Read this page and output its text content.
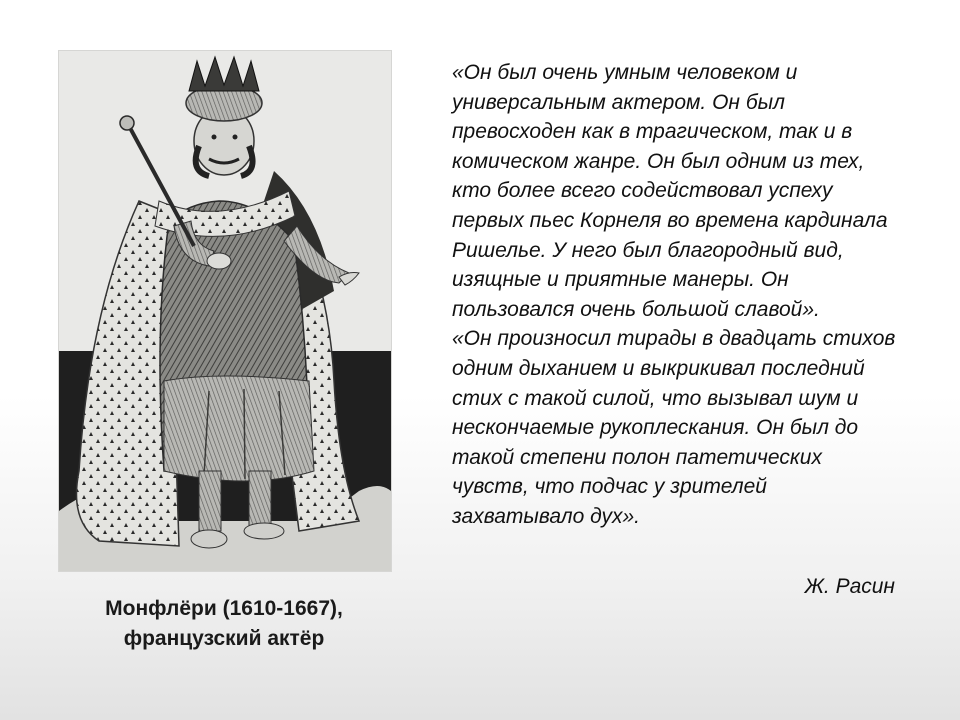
Монфлёри (1610-1667),
французский актёр

«Он был очень умным человеком и универсальным актером. Он был превосходен как в трагическом, так и в комическом жанре. Он был одним из тех, кто более всего содействовал успеху первых пьес Корнеля во времена кардинала Ришелье. У него был благородный вид, изящные и приятные манеры. Он пользовался очень большой славой».

«Он произносил тирады в двадцать стихов одним дыханием и выкрикивал последний стих с такой силой, что вызывал шум и нескончаемые рукоплескания. Он был до такой степени полон патетических чувств, что подчас у зрителей захватывало дух».

Ж. Расин
